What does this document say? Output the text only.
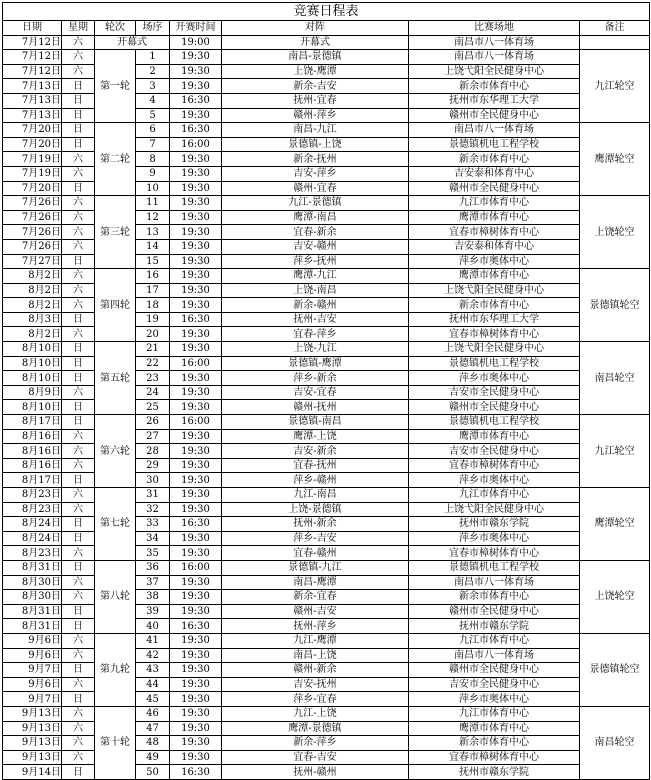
竞赛日程表							
日期	星期	轮次	场序	开赛时间	对阵	比赛场地	备注
7月12日	六	开幕式		19:00	开幕式	南昌市八一体育场	
7月12日	六	第一轮	1	19:30	南昌-景德镇	南昌市八一体育场	九江轮空
7月12日	六		2	19:30	上饶-鹰潭	上饶弋阳全民健身中心	
7月13日	日		3	19:30	新余-吉安	新余市体育中心	
7月13日	日		4	16:30	抚州-宜春	抚州市东华理工大学	
7月13日	日		5	19:30	赣州-萍乡	赣州市全民健身中心	
7月20日	日	第二轮	6	16:30	南昌-九江	南昌市八一体育场	鹰潭轮空
7月20日	日		7	16:00	景德镇-上饶	景德镇机电工程学校	
7月19日	六		8	19:30	新余-抚州	新余市体育中心	
7月19日	六		9	19:30	吉安-萍乡	吉安泰和体育中心	
7月20日	日		10	19:30	赣州-宜春	赣州市全民健身中心	
7月26日	六	第三轮	11	19:30	九江-景德镇	九江市体育中心	上饶轮空
7月26日	六		12	19:30	鹰潭-南昌	鹰潭市体育中心	
7月26日	六		13	19:30	宜春-新余	宜春市樟树体育中心	
7月26日	六		14	19:30	吉安-赣州	吉安泰和体育中心	
7月27日	日		15	19:30	萍乡-抚州	萍乡市奥体中心	
8月2日	六	第四轮	16	19:30	鹰潭-九江	鹰潭市体育中心	景德镇轮空
8月2日	六		17	19:30	上饶-南昌	上饶弋阳全民健身中心	
8月2日	六		18	19:30	新余-赣州	新余市体育中心	
8月3日	日		19	16:30	抚州-吉安	抚州市东华理工大学	
8月2日	六		20	19:30	宜春-萍乡	宜春市樟树体育中心	
8月10日	日	第五轮	21	19:30	上饶-九江	上饶弋阳全民健身中心	南昌轮空
8月10日	日		22	16:00	景德镇-鹰潭	景德镇机电工程学校	
8月10日	日		23	19:30	萍乡-新余	萍乡市奥体中心	
8月9日	六		24	19:30	吉安-宜春	吉安市全民健身中心	
8月10日	日		25	19:30	赣州-抚州	赣州市全民健身中心	
8月17日	日	第六轮	26	16:00	景德镇-南昌	景德镇机电工程学校	九江轮空
8月16日	六		27	19:30	鹰潭-上饶	鹰潭市体育中心	
8月16日	六		28	19:30	吉安-新余	吉安市全民健身中心	
8月16日	六		29	19:30	宜春-抚州	宜春市樟树体育中心	
8月17日	日		30	19:30	萍乡-赣州	萍乡市奥体中心	
8月23日	六	第七轮	31	19:30	九江-南昌	九江市体育中心	鹰潭轮空
8月23日	六		32	19:30	上饶-景德镇	上饶弋阳全民健身中心	
8月24日	日		33	16:30	抚州-新余	抚州市赣东学院	
8月24日	日		34	19:30	萍乡-吉安	萍乡市奥体中心	
8月23日	六		35	19:30	宜春-赣州	宜春市樟树体育中心	
8月31日	日	第八轮	36	16:00	景德镇-九江	景德镇机电工程学校	上饶轮空
8月30日	六		37	19:30	南昌-鹰潭	南昌市八一体育场	
8月30日	六		38	19:30	新余-宜春	新余市体育中心	
8月31日	日		39	19:30	赣州-吉安	赣州市全民健身中心	
8月31日	日		40	16:30	抚州-萍乡	抚州市赣东学院	
9月6日	六	第九轮	41	19:30	九江-鹰潭	九江市体育中心	景德镇轮空
9月6日	六		42	19:30	南昌-上饶	南昌市八一体育场	
9月7日	日		43	19:30	赣州-新余	赣州市全民健身中心	
9月6日	六		44	19:30	吉安-抚州	吉安市全民健身中心	
9月7日	日		45	19:30	萍乡-宜春	萍乡市奥体中心	
9月13日	六	第十轮	46	19:30	九江-上饶	九江市体育中心	南昌轮空
9月13日	六		47	19:30	鹰潭-景德镇	鹰潭市体育中心	
9月13日	六		48	19:30	新余-萍乡	新余市体育中心	
9月13日	六		49	19:30	宜春-吉安	宜春市樟树体育中心	
9月14日	日		50	16:30	抚州-赣州	抚州市赣东学院	
